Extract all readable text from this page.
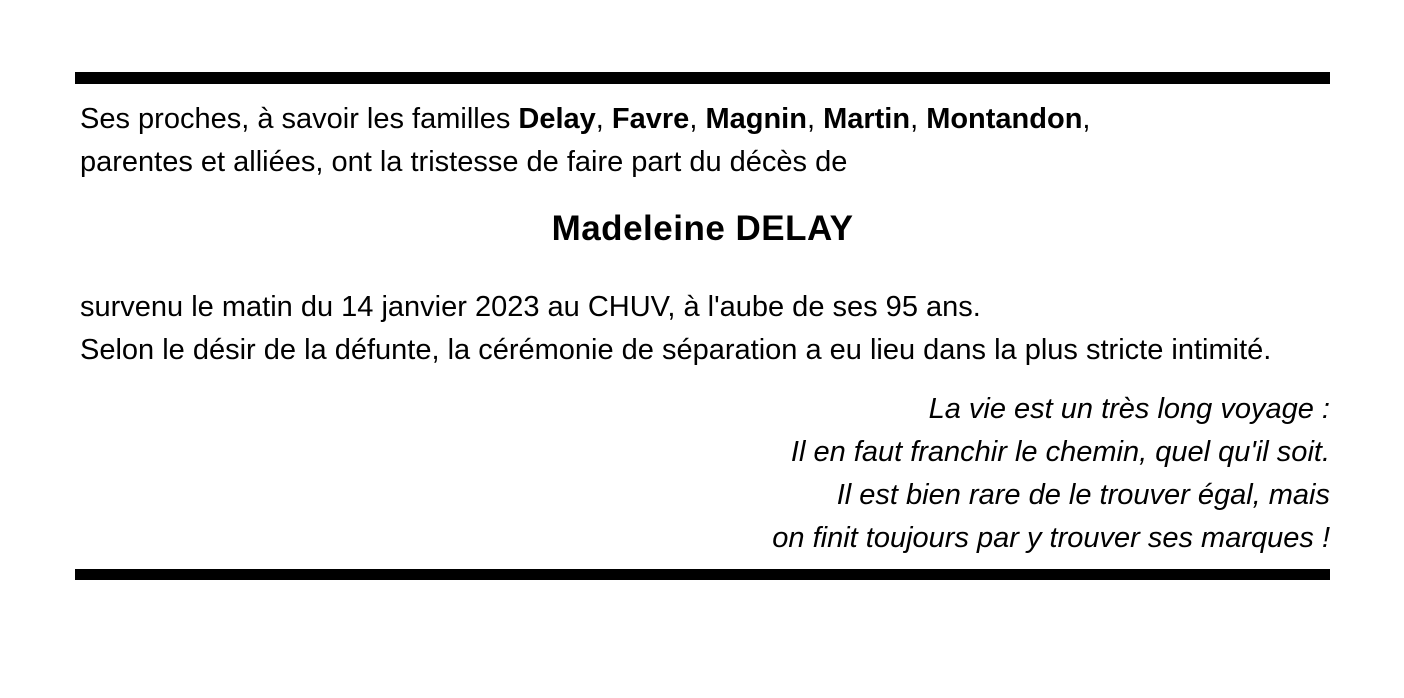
Ses proches, à savoir les familles Delay, Favre, Magnin, Martin, Montandon,
parentes et alliées, ont la tristesse de faire part du décès de

Madeleine DELAY
survenu le matin du 14 janvier 2023 au CHUV, à l'aube de ses 95 ans.
Selon le désir de la défunte, la cérémonie de séparation a eu lieu dans la plus stricte intimité.
La vie est un très long voyage :
Il en faut franchir le chemin, quel qu'il soit.
Il est bien rare de le trouver égal, mais
on finit toujours par y trouver ses marques !
